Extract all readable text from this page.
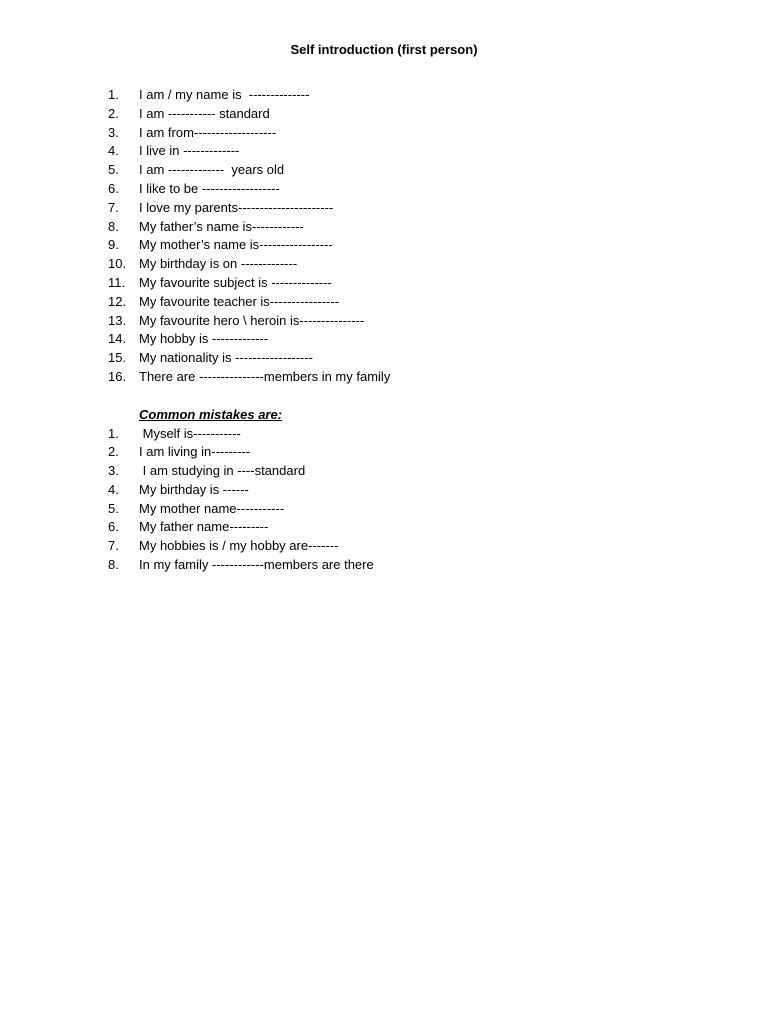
Self introduction (first person)
1.	I am / my name is  --------------
2.	I am ----------- standard
3.	I am from-------------------
4.	I live in -------------
5.	I am -------------  years old
6.	I like to be ------------------
7.	I love my parents----------------------
8.	My father’s name is------------
9.	My mother’s name is-----------------
10. My birthday is on -------------
11.	My favourite subject is --------------
12. My favourite teacher is----------------
13. My favourite hero \ heroin is---------------
14. My hobby is -------------
15. My nationality is ------------------
16. There are ---------------members in my family
Common mistakes are:
1.	Myself is-----------
2.	I am living in---------
3.	I am studying in ----standard
4.	My birthday is ------
5.	My mother name-----------
6.	My father name---------
7.	My hobbies is / my hobby are-------
8.	In my family ------------members are there
